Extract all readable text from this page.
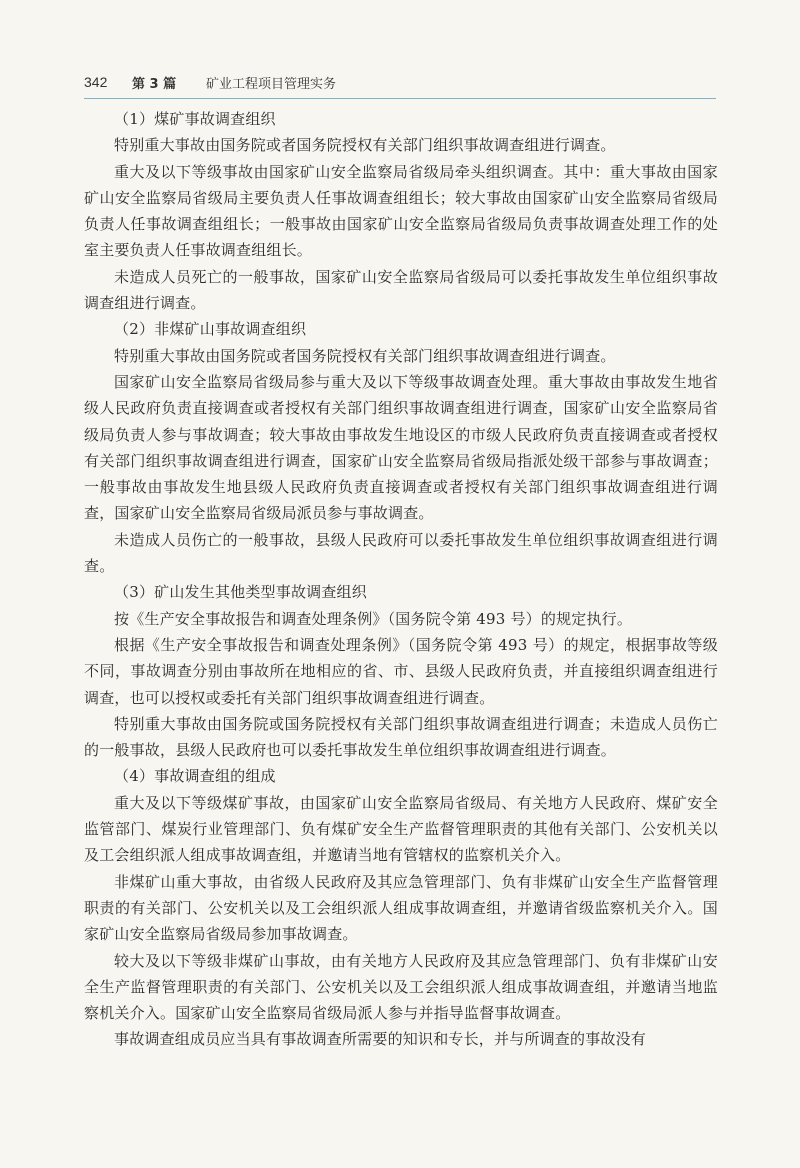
342 第 3 篇 矿业工程项目管理实务

（1）煤矿事故调查组织

特别重大事故由国务院或者国务院授权有关部门组织事故调查组进行调查。

重大及以下等级事故由国家矿山安全监察局省级局牵头组织调查。其中：重大事故由国家矿山安全监察局省级局主要负责人任事故调查组组长；较大事故由国家矿山安全监察局省级局负责人任事故调查组组长；一般事故由国家矿山安全监察局省级局负责事故调查处理工作的处室主要负责人任事故调查组组长。

未造成人员死亡的一般事故，国家矿山安全监察局省级局可以委托事故发生单位组织事故调查组进行调查。

（2）非煤矿山事故调查组织

特别重大事故由国务院或者国务院授权有关部门组织事故调查组进行调查。

国家矿山安全监察局省级局参与重大及以下等级事故调查处理。重大事故由事故发生地省级人民政府负责直接调查或者授权有关部门组织事故调查组进行调查，国家矿山安全监察局省级局负责人参与事故调查；较大事故由事故发生地设区的市级人民政府负责直接调查或者授权有关部门组织事故调查组进行调查，国家矿山安全监察局省级局指派处级干部参与事故调查；一般事故由事故发生地县级人民政府负责直接调查或者授权有关部门组织事故调查组进行调查，国家矿山安全监察局省级局派员参与事故调查。

未造成人员伤亡的一般事故，县级人民政府可以委托事故发生单位组织事故调查组进行调查。

（3）矿山发生其他类型事故调查组织

按《生产安全事故报告和调查处理条例》（国务院令第 493 号）的规定执行。

根据《生产安全事故报告和调查处理条例》（国务院令第 493 号）的规定，根据事故等级不同，事故调查分别由事故所在地相应的省、市、县级人民政府负责，并直接组织调查组进行调查，也可以授权或委托有关部门组织事故调查组进行调查。

特别重大事故由国务院或国务院授权有关部门组织事故调查组进行调查；未造成人员伤亡的一般事故，县级人民政府也可以委托事故发生单位组织事故调查组进行调查。

（4）事故调查组的组成

重大及以下等级煤矿事故，由国家矿山安全监察局省级局、有关地方人民政府、煤矿安全监管部门、煤炭行业管理部门、负有煤矿安全生产监督管理职责的其他有关部门、公安机关以及工会组织派人组成事故调查组，并邀请当地有管辖权的监察机关介入。

非煤矿山重大事故，由省级人民政府及其应急管理部门、负有非煤矿山安全生产监督管理职责的有关部门、公安机关以及工会组织派人组成事故调查组，并邀请省级监察机关介入。国家矿山安全监察局省级局参加事故调查。

较大及以下等级非煤矿山事故，由有关地方人民政府及其应急管理部门、负有非煤矿山安全生产监督管理职责的有关部门、公安机关以及工会组织派人组成事故调查组，并邀请当地监察机关介入。国家矿山安全监察局省级局派人参与并指导监督事故调查。

事故调查组成员应当具有事故调查所需要的知识和专长，并与所调查的事故没有
